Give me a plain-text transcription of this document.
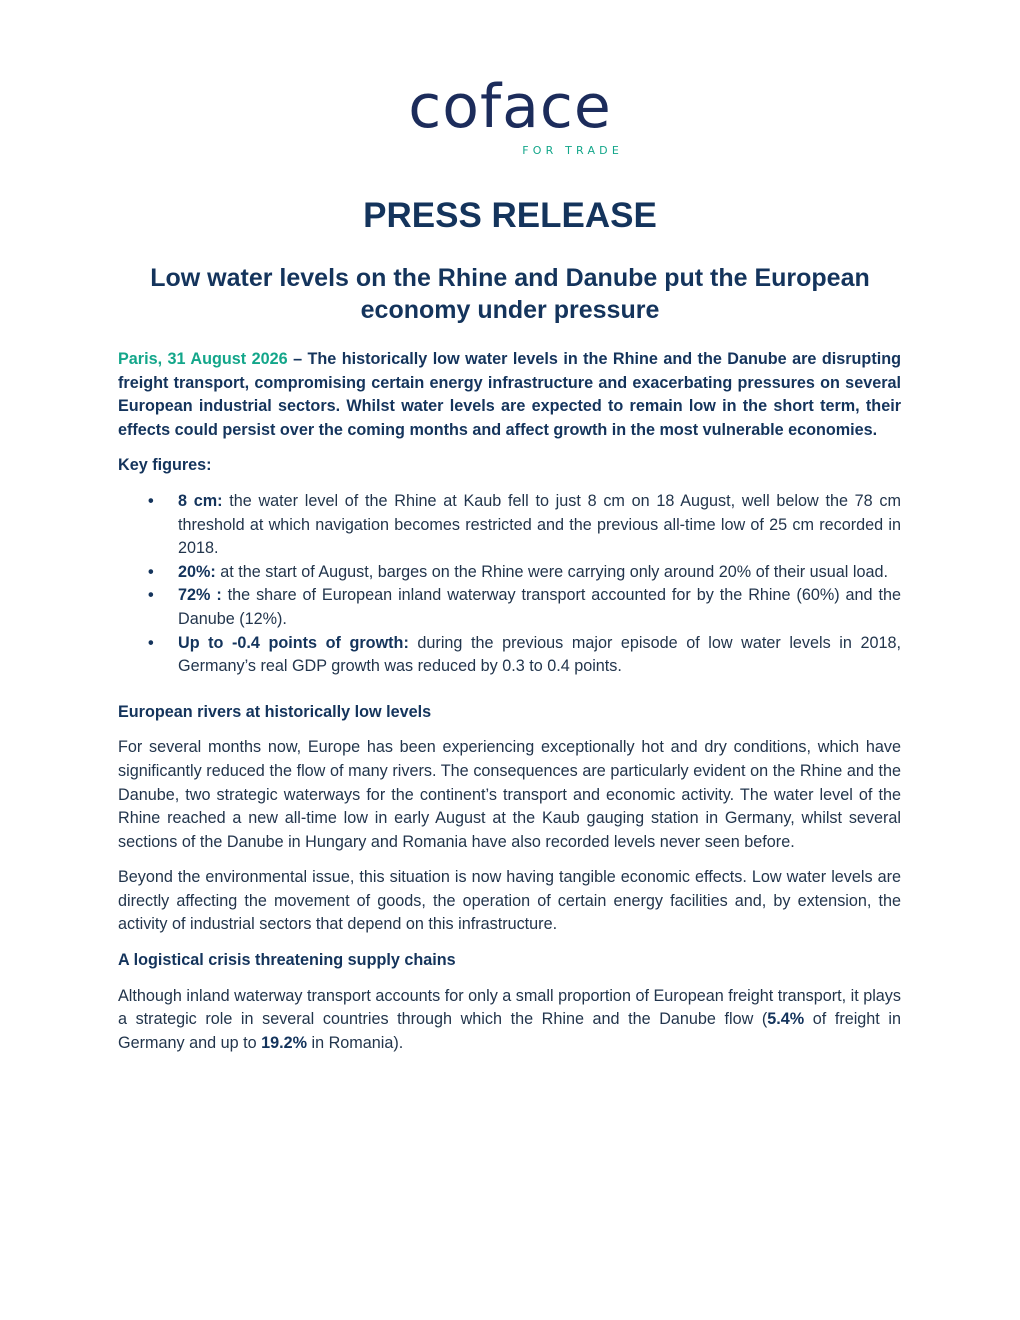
coface
FOR TRADE
PRESS RELEASE
Low water levels on the Rhine and Danube put the European economy under pressure

Paris, 31 August 2026 – The historically low water levels in the Rhine and the Danube are disrupting freight transport, compromising certain energy infrastructure and exacerbating pressures on several European industrial sectors. Whilst water levels are expected to remain low in the short term, their effects could persist over the coming months and affect growth in the most vulnerable economies.

Key figures:

• 8 cm: the water level of the Rhine at Kaub fell to just 8 cm on 18 August, well below the 78 cm threshold at which navigation becomes restricted and the previous all-time low of 25 cm recorded in 2018.
• 20%: at the start of August, barges on the Rhine were carrying only around 20% of their usual load.
• 72% : the share of European inland waterway transport accounted for by the Rhine (60%) and the Danube (12%).
• Up to -0.4 points of growth: during the previous major episode of low water levels in 2018, Germany’s real GDP growth was reduced by 0.3 to 0.4 points.

European rivers at historically low levels

For several months now, Europe has been experiencing exceptionally hot and dry conditions, which have significantly reduced the flow of many rivers. The consequences are particularly evident on the Rhine and the Danube, two strategic waterways for the continent’s transport and economic activity. The water level of the Rhine reached a new all-time low in early August at the Kaub gauging station in Germany, whilst several sections of the Danube in Hungary and Romania have also recorded levels never seen before.

Beyond the environmental issue, this situation is now having tangible economic effects. Low water levels are directly affecting the movement of goods, the operation of certain energy facilities and, by extension, the activity of industrial sectors that depend on this infrastructure.

A logistical crisis threatening supply chains

Although inland waterway transport accounts for only a small proportion of European freight transport, it plays a strategic role in several countries through which the Rhine and the Danube flow (5.4% of freight in Germany and up to 19.2% in Romania).
